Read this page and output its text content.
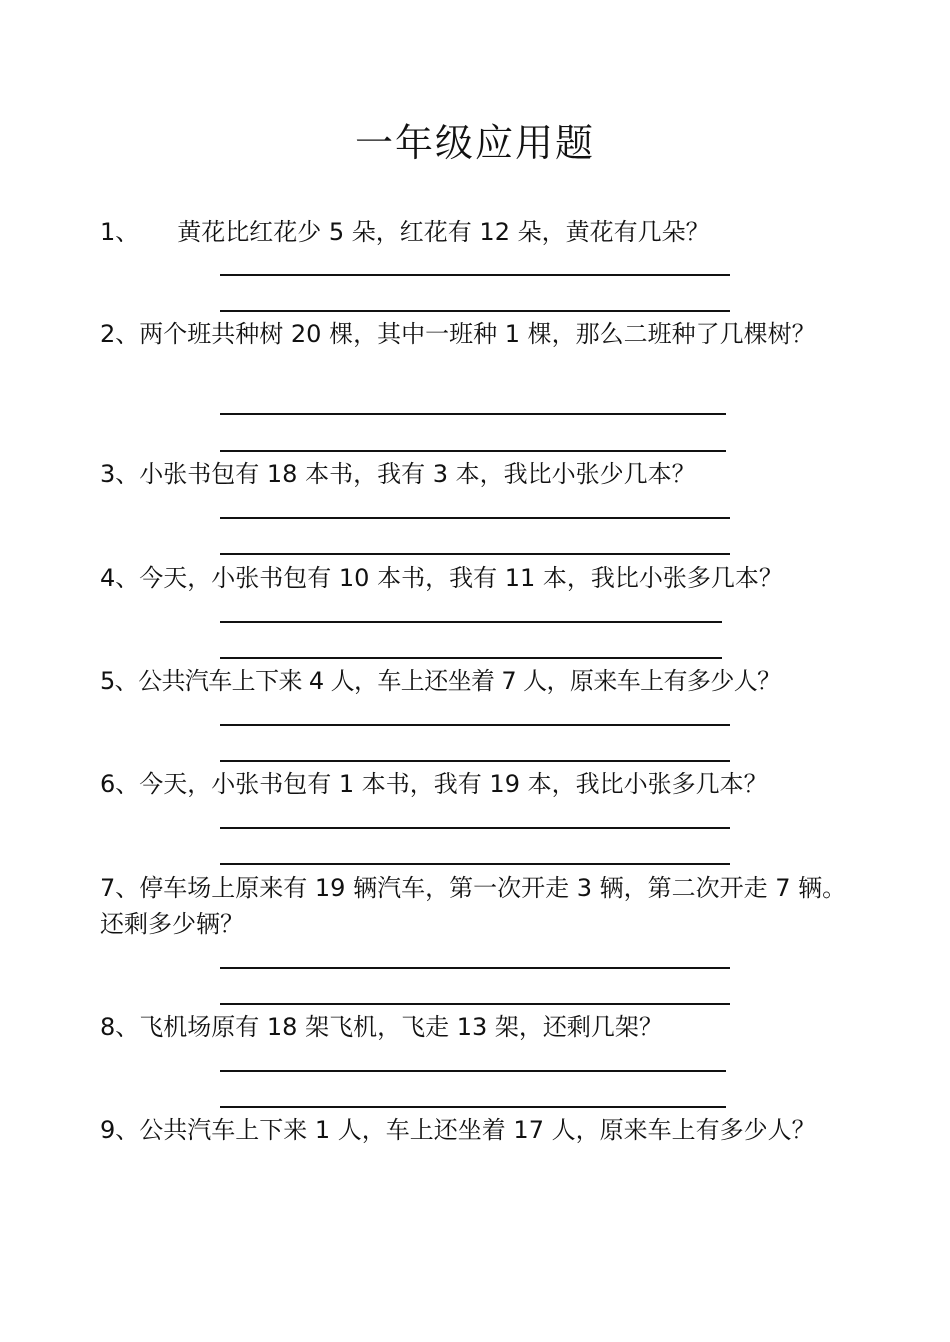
一年级应用题
1、 黄花比红花少 5 朵，红花有 12 朵，黄花有几朵？
2、两个班共种树 20 棵，其中一班种 1 棵，那么二班种了几棵树？
3、小张书包有 18 本书，我有 3 本，我比小张少几本？
4、今天，小张书包有 10 本书，我有 11 本，我比小张多几本？
5、公共汽车上下来 4 人，车上还坐着 7 人，原来车上有多少人？
6、今天，小张书包有 1 本书，我有 19 本，我比小张多几本？
7、停车场上原来有 19 辆汽车，第一次开走 3 辆，第二次开走 7 辆。还剩多少辆？
8、飞机场原有 18 架飞机，飞走 13 架，还剩几架？
9、公共汽车上下来 1 人，车上还坐着 17 人，原来车上有多少人？
